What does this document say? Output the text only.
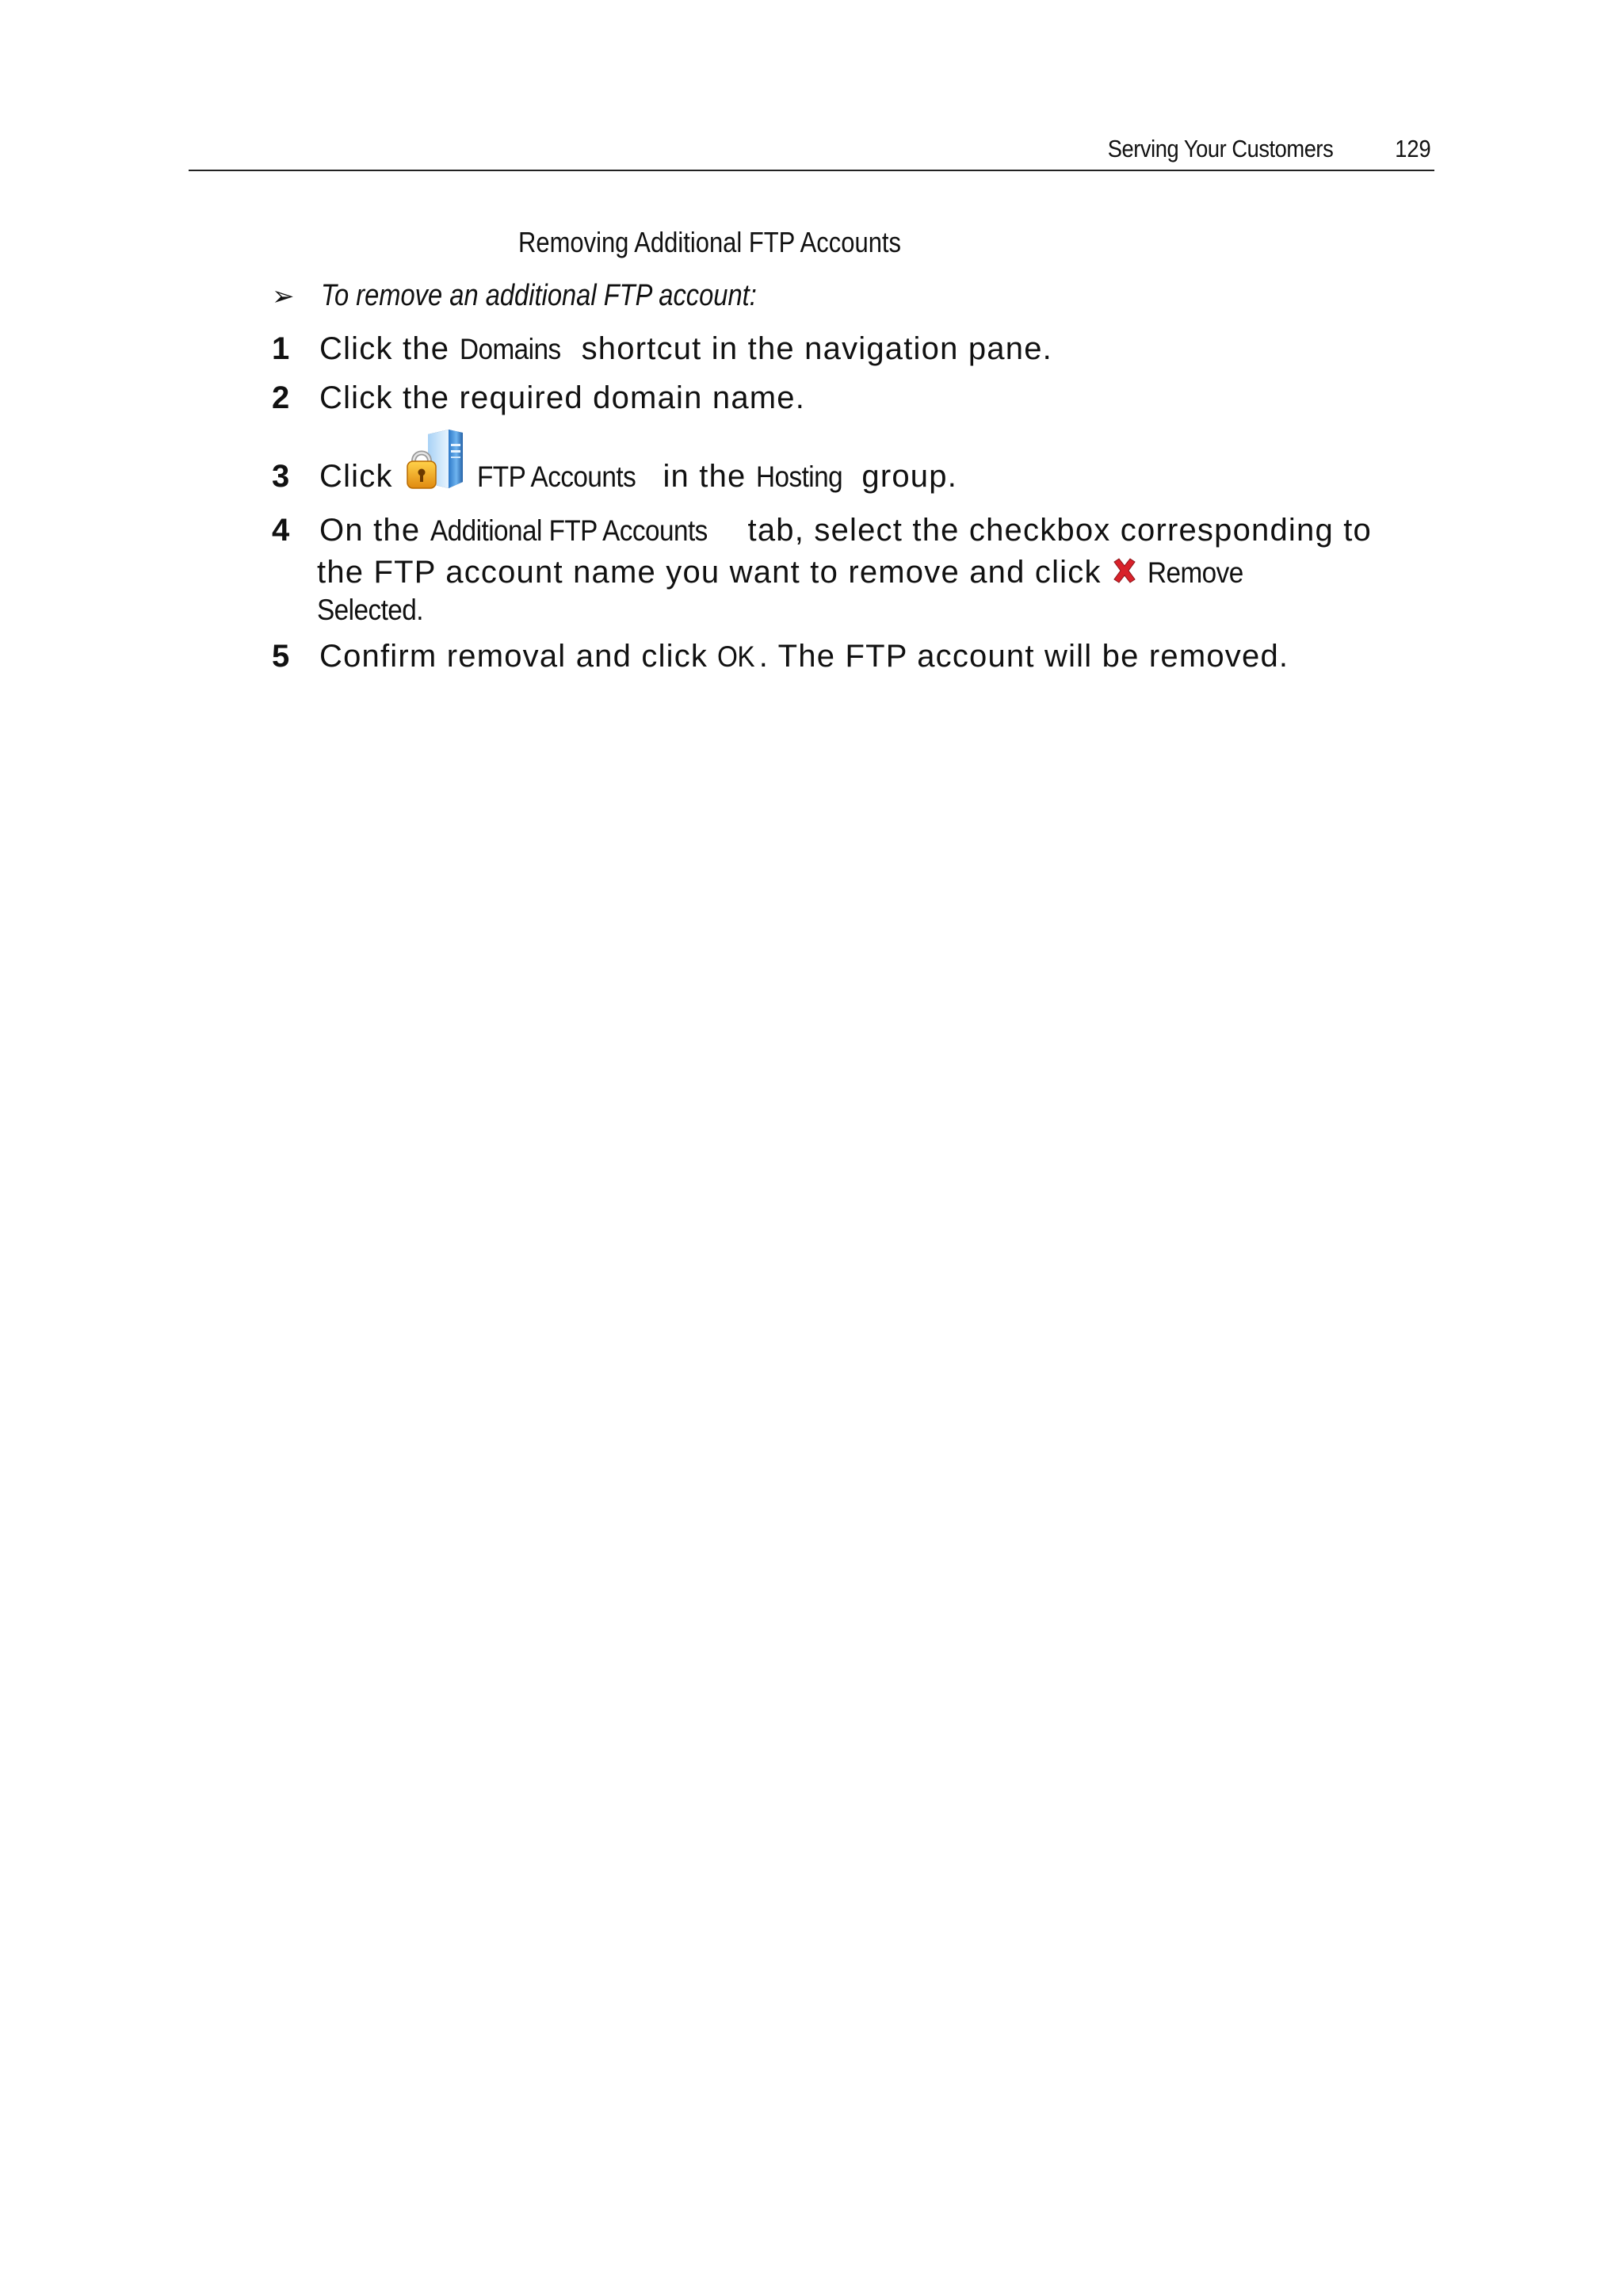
Serving Your Customers	129
Removing Additional FTP Accounts
➢ To remove an additional FTP account:
1 Click the Domains shortcut in the navigation pane.
2 Click the required domain name.
3 Click	FTP Accounts in the Hosting group.
4 On the Additional FTP Accounts tab, select the checkbox corresponding to
the FTP account name you want to remove and click Remove
Selected.
5 Confirm removal and click OK . The FTP account will be removed.
